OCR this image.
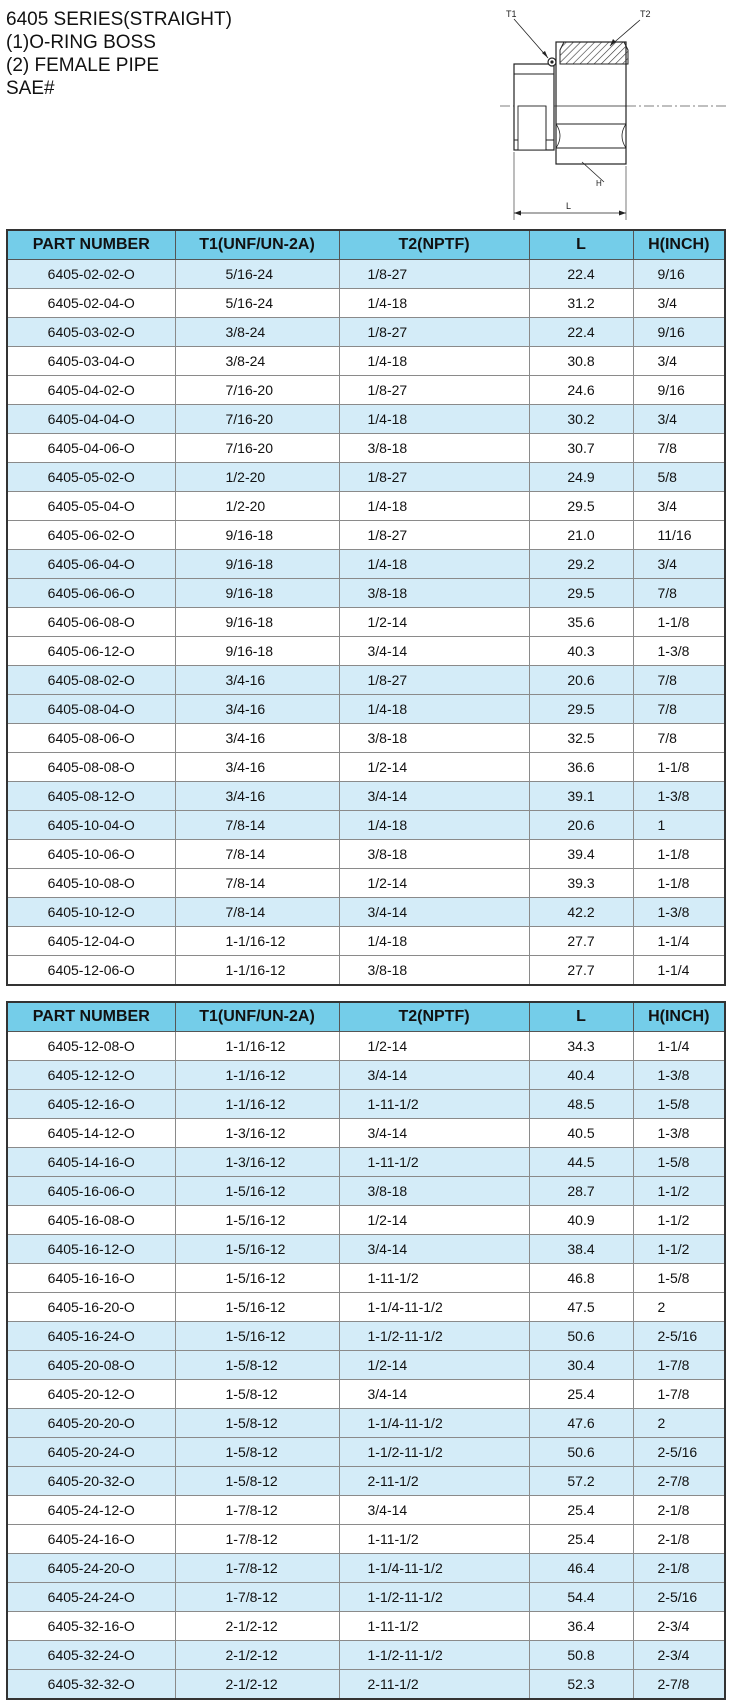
6405 SERIES(STRAIGHT)
(1)O-RING BOSS
(2) FEMALE PIPE
SAE#
T1	T2
H
L
PART NUMBER	T1(UNF/UN-2A)	T2(NPTF)	L	H(INCH)
6405-02-02-O	5/16-24	1/8-27	22.4	9/16
6405-02-04-O	5/16-24	1/4-18	31.2	3/4
6405-03-02-O	3/8-24	1/8-27	22.4	9/16
6405-03-04-O	3/8-24	1/4-18	30.8	3/4
6405-04-02-O	7/16-20	1/8-27	24.6	9/16
6405-04-04-O	7/16-20	1/4-18	30.2	3/4
6405-04-06-O	7/16-20	3/8-18	30.7	7/8
6405-05-02-O	1/2-20	1/8-27	24.9	5/8
6405-05-04-O	1/2-20	1/4-18	29.5	3/4
6405-06-02-O	9/16-18	1/8-27	21.0	11/16
6405-06-04-O	9/16-18	1/4-18	29.2	3/4
6405-06-06-O	9/16-18	3/8-18	29.5	7/8
6405-06-08-O	9/16-18	1/2-14	35.6	1-1/8
6405-06-12-O	9/16-18	3/4-14	40.3	1-3/8
6405-08-02-O	3/4-16	1/8-27	20.6	7/8
6405-08-04-O	3/4-16	1/4-18	29.5	7/8
6405-08-06-O	3/4-16	3/8-18	32.5	7/8
6405-08-08-O	3/4-16	1/2-14	36.6	1-1/8
6405-08-12-O	3/4-16	3/4-14	39.1	1-3/8
6405-10-04-O	7/8-14	1/4-18	20.6	1
6405-10-06-O	7/8-14	3/8-18	39.4	1-1/8
6405-10-08-O	7/8-14	1/2-14	39.3	1-1/8
6405-10-12-O	7/8-14	3/4-14	42.2	1-3/8
6405-12-04-O	1-1/16-12	1/4-18	27.7	1-1/4
6405-12-06-O	1-1/16-12	3/8-18	27.7	1-1/4
PART NUMBER	T1(UNF/UN-2A)	T2(NPTF)	L	H(INCH)
6405-12-08-O	1-1/16-12	1/2-14	34.3	1-1/4
6405-12-12-O	1-1/16-12	3/4-14	40.4	1-3/8
6405-12-16-O	1-1/16-12	1-11-1/2	48.5	1-5/8
6405-14-12-O	1-3/16-12	3/4-14	40.5	1-3/8
6405-14-16-O	1-3/16-12	1-11-1/2	44.5	1-5/8
6405-16-06-O	1-5/16-12	3/8-18	28.7	1-1/2
6405-16-08-O	1-5/16-12	1/2-14	40.9	1-1/2
6405-16-12-O	1-5/16-12	3/4-14	38.4	1-1/2
6405-16-16-O	1-5/16-12	1-11-1/2	46.8	1-5/8
6405-16-20-O	1-5/16-12	1-1/4-11-1/2	47.5	2
6405-16-24-O	1-5/16-12	1-1/2-11-1/2	50.6	2-5/16
6405-20-08-O	1-5/8-12	1/2-14	30.4	1-7/8
6405-20-12-O	1-5/8-12	3/4-14	25.4	1-7/8
6405-20-20-O	1-5/8-12	1-1/4-11-1/2	47.6	2
6405-20-24-O	1-5/8-12	1-1/2-11-1/2	50.6	2-5/16
6405-20-32-O	1-5/8-12	2-11-1/2	57.2	2-7/8
6405-24-12-O	1-7/8-12	3/4-14	25.4	2-1/8
6405-24-16-O	1-7/8-12	1-11-1/2	25.4	2-1/8
6405-24-20-O	1-7/8-12	1-1/4-11-1/2	46.4	2-1/8
6405-24-24-O	1-7/8-12	1-1/2-11-1/2	54.4	2-5/16
6405-32-16-O	2-1/2-12	1-11-1/2	36.4	2-3/4
6405-32-24-O	2-1/2-12	1-1/2-11-1/2	50.8	2-3/4
6405-32-32-O	2-1/2-12	2-11-1/2	52.3	2-7/8
